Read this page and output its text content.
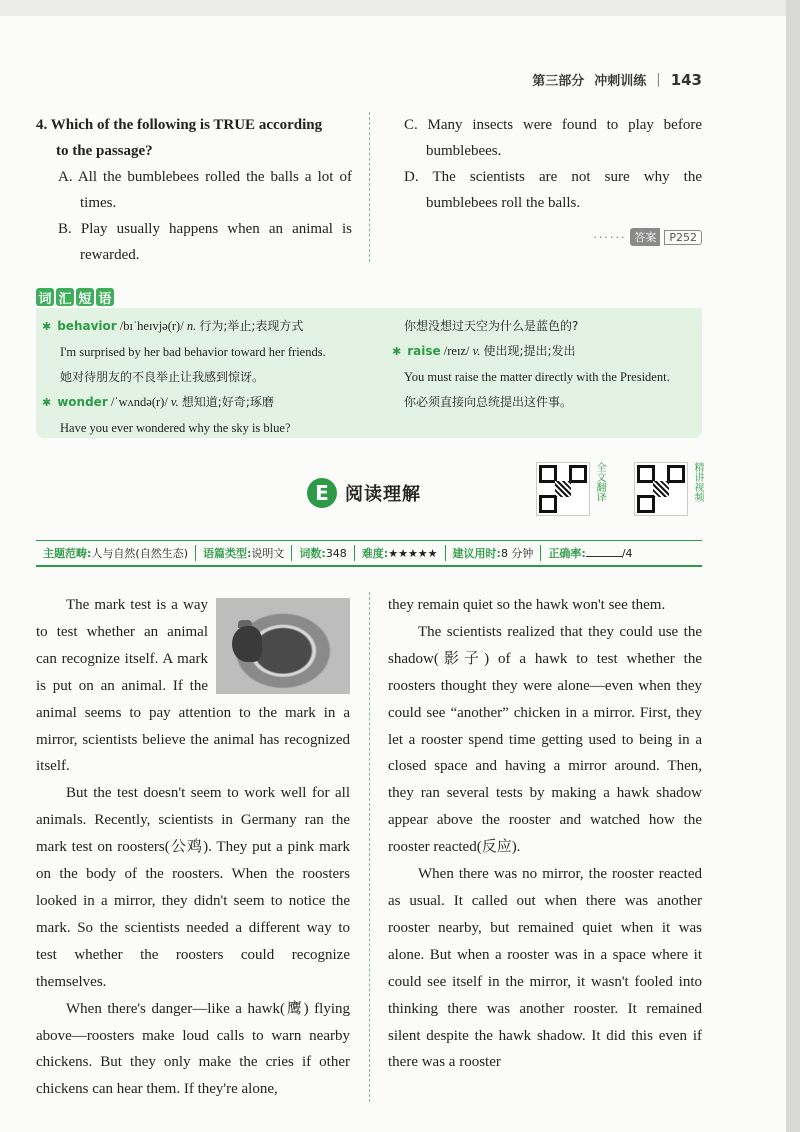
第三部分 冲刺训练 | 143
4. Which of the following is TRUE according
to the passage?
A. All the bumblebees rolled the balls a lot of times.
B. Play usually happens when an animal is rewarded.
C. Many insects were found to play before bumblebees.
D. The scientists are not sure why the bumblebees roll the balls.
······ 答案	P252
词 汇 短 语
✱ behavior /bɪˈheɪvjə(r)/ n. 行为;举止;表现方式
I'm surprised by her bad behavior toward her friends.
她对待朋友的不良举止让我感到惊讶。
✱ wonder /ˈwʌndə(r)/ v. 想知道;好奇;琢磨
Have you ever wondered why the sky is blue?
你想没想过天空为什么是蓝色的?
✱ raise /reɪz/ v. 使出现;提出;发出
You must raise the matter directly with the President.
你必须直接向总统提出这件事。
E 阅读理解	全文翻译	精讲视频
主题范畴:人与自然(自然生态)	语篇类型:说明文	词数:348	难度:★★★★★	建议用时:8 分钟	正确率:	/4

The mark test is a way to test whether an animal can recognize itself. A mark is put on an animal. If the animal seems to pay attention to the mark in a mirror, scientists believe the animal has recognized itself.

But the test doesn't seem to work well for all animals. Recently, scientists in Germany ran the mark test on roosters(公鸡). They put a pink mark on the body of the roosters. When the roosters looked in a mirror, they didn't seem to notice the mark. So the scientists needed a different way to test whether the roosters could recognize themselves.

When there's danger—like a hawk(鹰) flying above—roosters make loud calls to warn nearby chickens. But they only make the cries if other chickens can hear them. If they're alone,

they remain quiet so the hawk won't see them.

The scientists realized that they could use the shadow(影子) of a hawk to test whether the roosters thought they were alone—even when they could see “another” chicken in a mirror. First, they let a rooster spend time getting used to being in a closed space and having a mirror around. Then, they ran several tests by making a hawk shadow appear above the rooster and watched how the rooster reacted(反应).

When there was no mirror, the rooster reacted as usual. It called out when there was another rooster nearby, but remained quiet when it was alone. But when a rooster was in a space where it could see itself in the mirror, it wasn't fooled into thinking there was another rooster. It remained silent despite the hawk shadow. It did this even if there was a rooster
